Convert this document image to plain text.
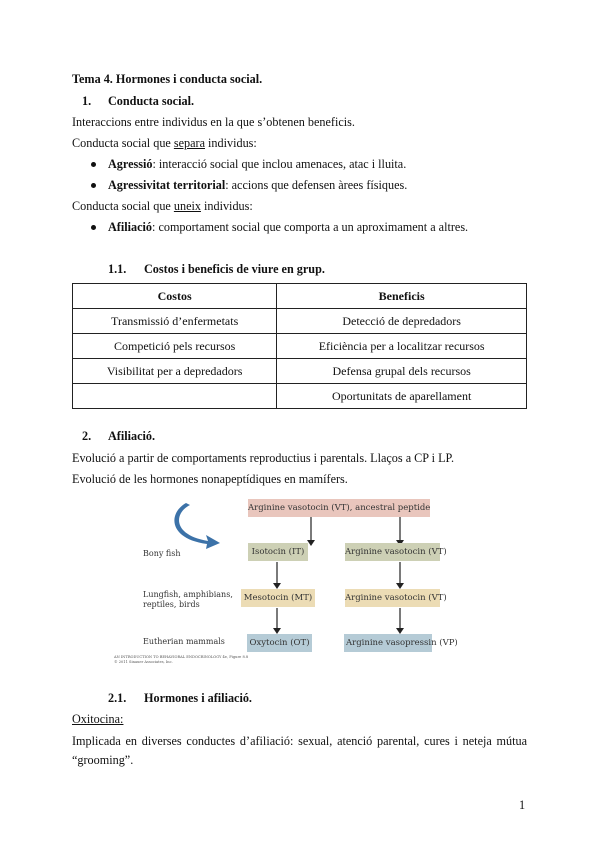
Tema 4. Hormones i conducta social.
1. Conducta social.
Interaccions entre individus en la que s’obtenen beneficis.
Conducta social que separa individus:
Agressió: interacció social que inclou amenaces, atac i lluita.
Agressivitat territorial: accions que defensen àrees físiques.
Conducta social que uneix individus:
Afiliació: comportament social que comporta a un aproximament a altres.
1.1. Costos i beneficis de viure en grup.
Costos	Beneficis
Transmissió d’enfermetats	Detecció de depredadors
Competició pels recursos	Eficiència per a localitzar recursos
Visibilitat per a depredadors	Defensa grupal dels recursos
	Oportunitats de aparellament
2. Afiliació.
Evolució a partir de comportaments reproductius i parentals. Llaços a CP i LP.
Evolució de les hormones nonapeptídiques en mamífers.
Arginine vasotocin (VT), ancestral peptide
Bony fish	Isotocin (IT)	Arginine vasotocin (VT)
Lungfish, amphibians,
reptiles, birds
Mesotocin (MT)	Arginine vasotocin (VT)
Eutherian mammals	Oxytocin (OT)	Arginine vasopressin (VP)
AN INTRODUCTION TO BEHAVIORAL ENDOCRINOLOGY 4e, Figure 8.8
© 2011 Sinauer Associates, Inc.
2.1. Hormones i afiliació.
Oxitocina:
Implicada en diverses conductes d’afiliació: sexual, atenció parental, cures i neteja mútua
“grooming”.
1
